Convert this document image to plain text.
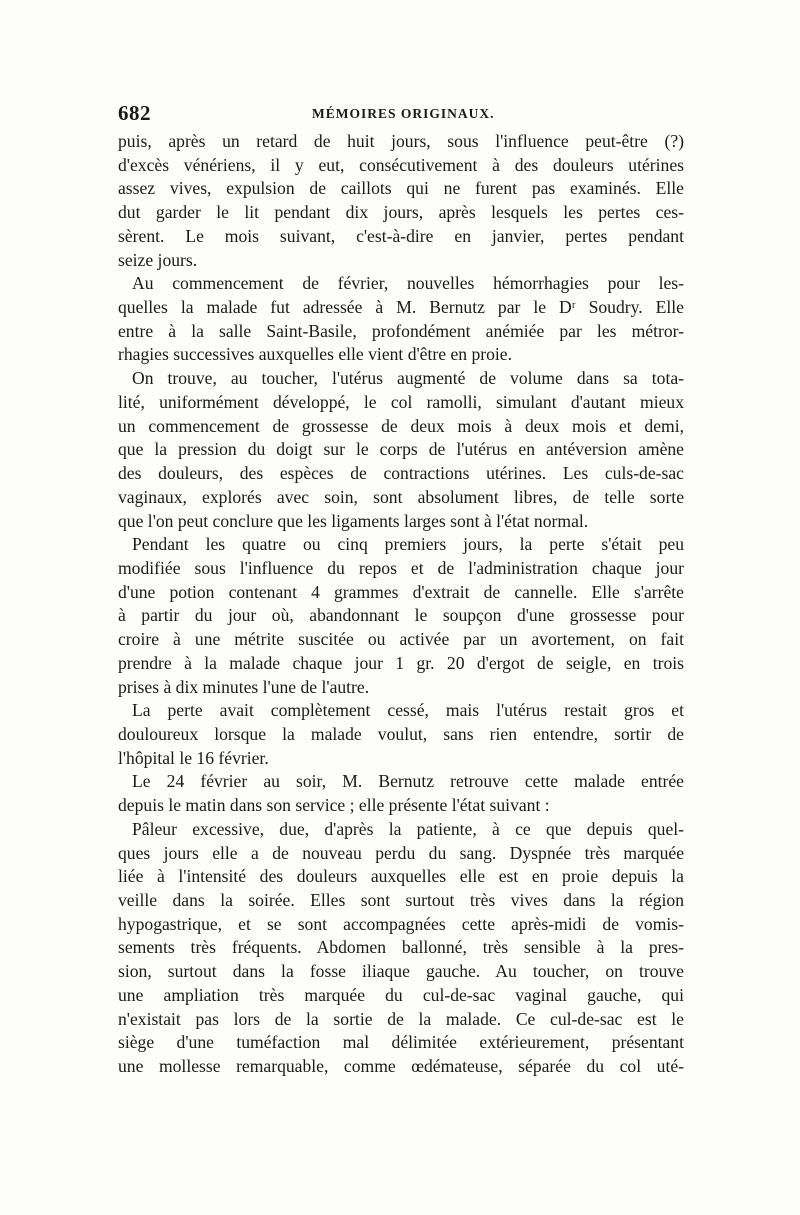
682	MÉMOIRES ORIGINAUX.
puis, après un retard de huit jours, sous l'influence peut-être (?)
d'excès vénériens, il y eut, consécutivement à des douleurs utérines
assez vives, expulsion de caillots qui ne furent pas examinés. Elle
dut garder le lit pendant dix jours, après lesquels les pertes ces-
sèrent. Le mois suivant, c'est-à-dire en janvier, pertes pendant
seize jours.
Au commencement de février, nouvelles hémorrhagies pour les-
quelles la malade fut adressée à M. Bernutz par le Dʳ Soudry. Elle
entre à la salle Saint-Basile, profondément anémiée par les métror-
rhagies successives auxquelles elle vient d'être en proie.
On trouve, au toucher, l'utérus augmenté de volume dans sa tota-
lité, uniformément développé, le col ramolli, simulant d'autant mieux
un commencement de grossesse de deux mois à deux mois et demi,
que la pression du doigt sur le corps de l'utérus en antéversion amène
des douleurs, des espèces de contractions utérines. Les culs-de-sac
vaginaux, explorés avec soin, sont absolument libres, de telle sorte
que l'on peut conclure que les ligaments larges sont à l'état normal.
Pendant les quatre ou cinq premiers jours, la perte s'était peu
modifiée sous l'influence du repos et de l'administration chaque jour
d'une potion contenant 4 grammes d'extrait de cannelle. Elle s'arrête
à partir du jour où, abandonnant le soupçon d'une grossesse pour
croire à une métrite suscitée ou activée par un avortement, on fait
prendre à la malade chaque jour 1 gr. 20 d'ergot de seigle, en trois
prises à dix minutes l'une de l'autre.
La perte avait complètement cessé, mais l'utérus restait gros et
douloureux lorsque la malade voulut, sans rien entendre, sortir de
l'hôpital le 16 février.
Le 24 février au soir, M. Bernutz retrouve cette malade entrée
depuis le matin dans son service ; elle présente l'état suivant :
Pâleur excessive, due, d'après la patiente, à ce que depuis quel-
ques jours elle a de nouveau perdu du sang. Dyspnée très marquée
liée à l'intensité des douleurs auxquelles elle est en proie depuis la
veille dans la soirée. Elles sont surtout très vives dans la région
hypogastrique, et se sont accompagnées cette après-midi de vomis-
sements très fréquents. Abdomen ballonné, très sensible à la pres-
sion, surtout dans la fosse iliaque gauche. Au toucher, on trouve
une ampliation très marquée du cul-de-sac vaginal gauche, qui
n'existait pas lors de la sortie de la malade. Ce cul-de-sac est le
siège d'une tuméfaction mal délimitée extérieurement, présentant
une mollesse remarquable, comme œdémateuse, séparée du col uté-
